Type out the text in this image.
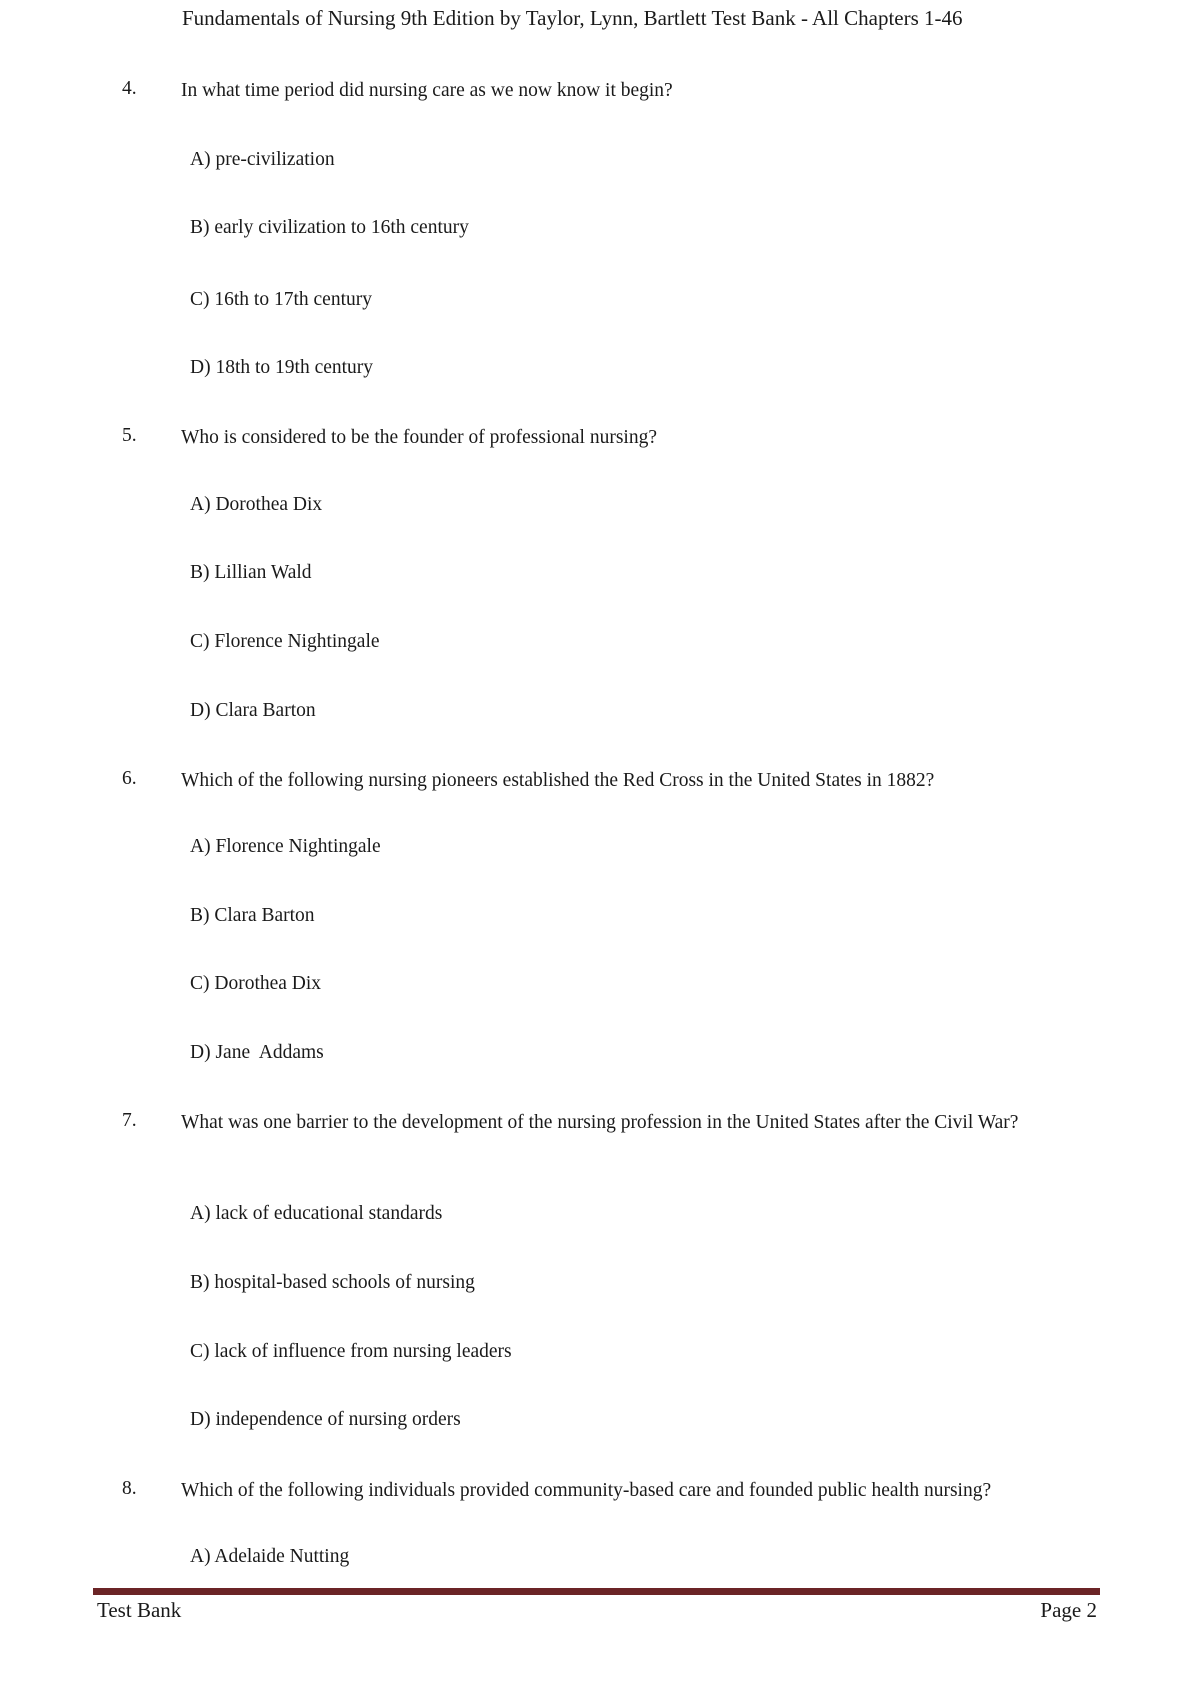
Fundamentals of Nursing 9th Edition by Taylor, Lynn, Bartlett Test Bank - All Chapters 1-46
4. In what time period did nursing care as we now know it begin?
A) pre-civilization
B) early civilization to 16th century
C) 16th to 17th century
D) 18th to 19th century
5. Who is considered to be the founder of professional nursing?
A) Dorothea Dix
B) Lillian Wald
C) Florence Nightingale
D) Clara Barton
6. Which of the following nursing pioneers established the Red Cross in the United States in 1882?
A) Florence Nightingale
B) Clara Barton
C) Dorothea Dix
D) Jane  Addams
7. What was one barrier to the development of the nursing profession in the United States after the Civil War?
A) lack of educational standards
B) hospital-based schools of nursing
C) lack of influence from nursing leaders
D) independence of nursing orders
8. Which of the following individuals provided community-based care and founded public health nursing?
A) Adelaide Nutting
Test Bank	Page 2
